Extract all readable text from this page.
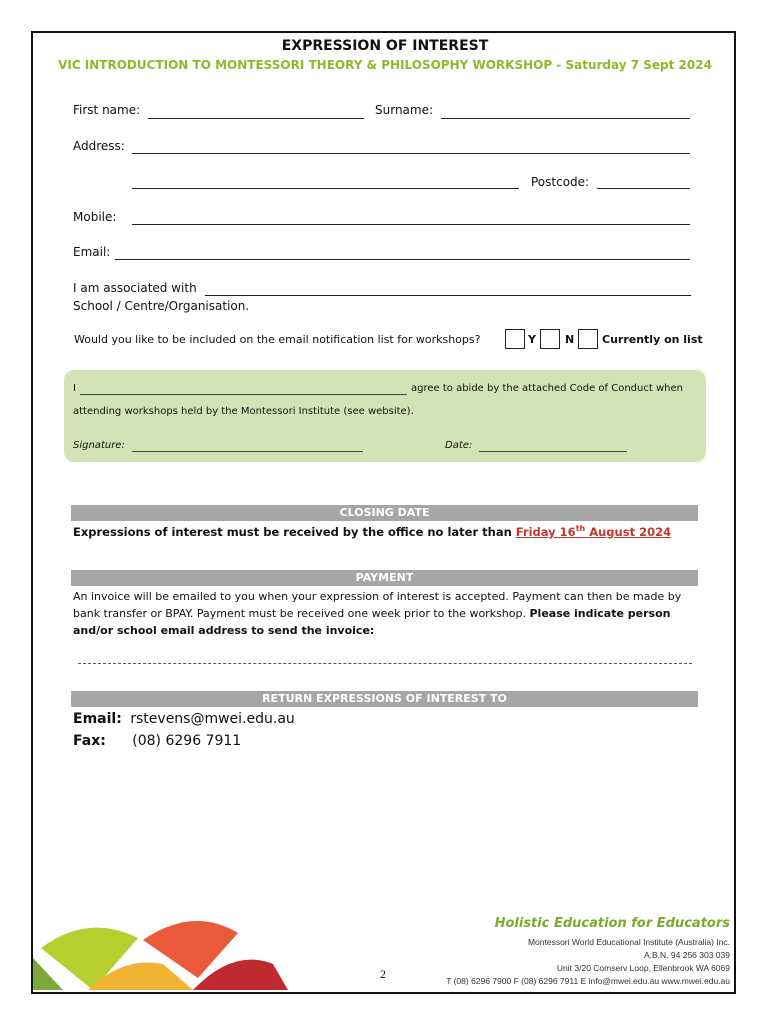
EXPRESSION OF INTEREST
VIC INTRODUCTION TO MONTESSORI THEORY & PHILOSOPHY WORKSHOP - Saturday 7 Sept 2024
First name:	Surname:
Address:
Postcode:
Mobile:
Email:
I am associated with
School / Centre/Organisation.
Would you like to be included on the email notification list for workshops?	Y	N	Currently on list
I	agree to abide by the attached Code of Conduct when
attending workshops held by the Montessori Institute (see website).
Signature:	Date:
CLOSING DATE
Expressions of interest must be received by the office no later than Friday 16th August 2024
PAYMENT
An invoice will be emailed to you when your expression of interest is accepted. Payment can then be made by bank transfer or BPAY. Payment must be received one week prior to the workshop. Please indicate person and/or school email address to send the invoice:
RETURN EXPRESSIONS OF INTEREST TO
Email: rstevens@mwei.edu.au
Fax: (08) 6296 7911
2
Holistic Education for Educators
Montessori World Educational Institute (Australia) Inc.
A.B.N. 94 256 303 039
Unit 3/20 Comserv Loop, Ellenbrook WA 6069
T (08) 6296 7900 F (08) 6296 7911 E info@mwei.edu.au www.mwei.edu.au
